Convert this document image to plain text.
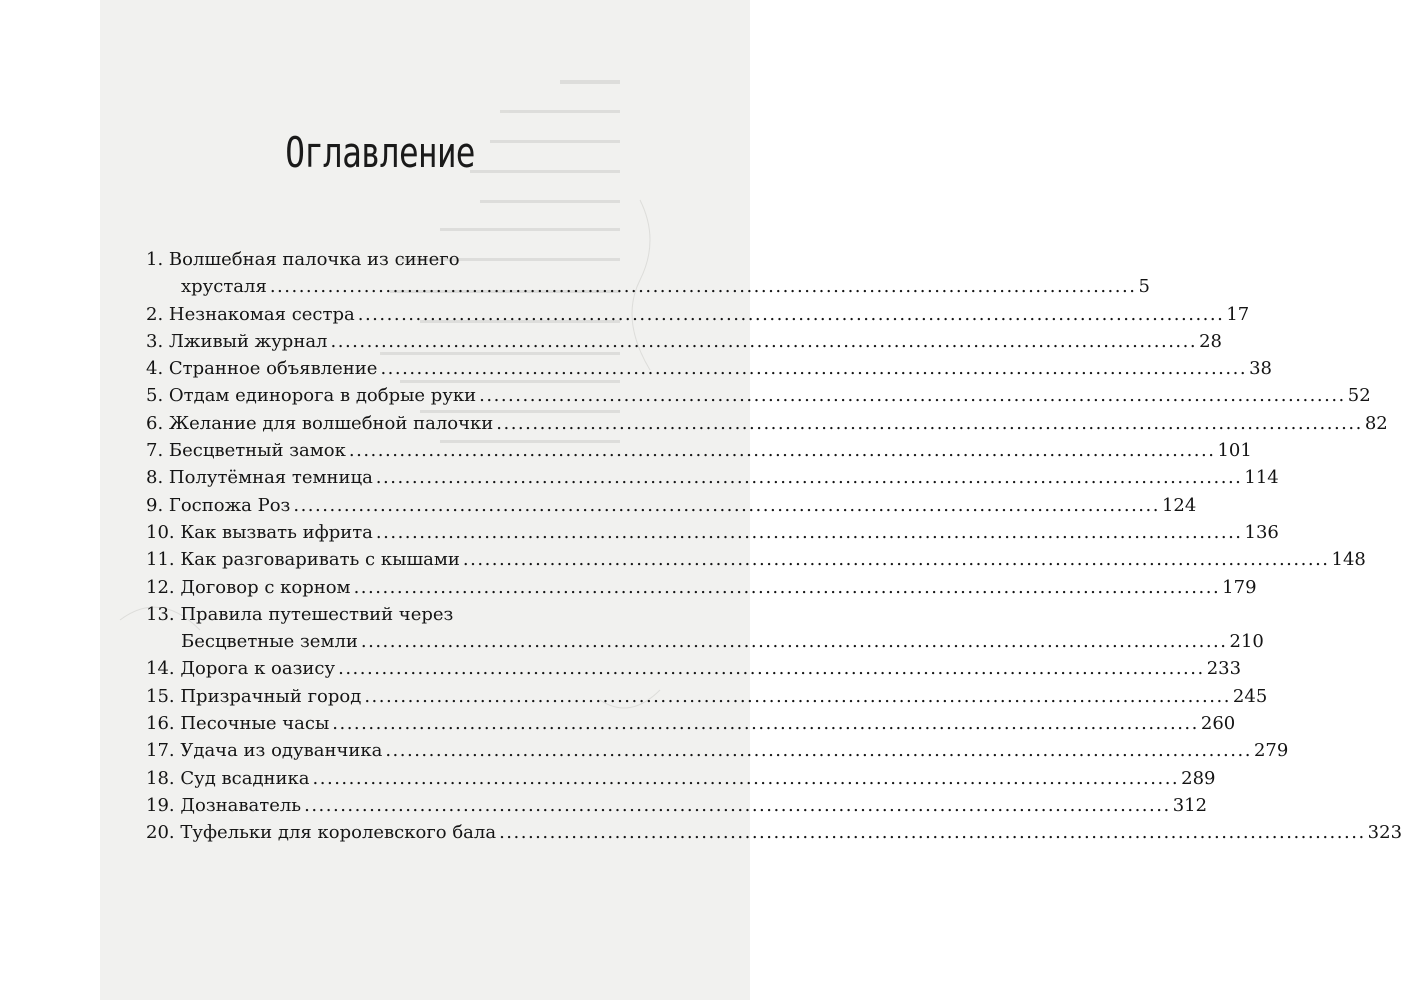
Оглавление
1. Волшебная палочка из синего
хрусталя ........................................................................................................................ 5
2. Незнакомая сестра ........................................................................................................................ 17
3. Лживый журнал ........................................................................................................................ 28
4. Странное объявление ........................................................................................................................ 38
5. Отдам единорога в добрые руки ........................................................................................................................ 52
6. Желание для волшебной палочки ........................................................................................................................ 82
7. Бесцветный замок ........................................................................................................................ 101
8. Полутёмная темница ........................................................................................................................ 114
9. Госпожа Роз ........................................................................................................................ 124
10. Как вызвать ифрита ........................................................................................................................ 136
11. Как разговаривать с кышами ........................................................................................................................ 148
12. Договор с корном ........................................................................................................................ 179
13. Правила путешествий через
Бесцветные земли ........................................................................................................................ 210
14. Дорога к оазису ........................................................................................................................ 233
15. Призрачный город ........................................................................................................................ 245
16. Песочные часы ........................................................................................................................ 260
17. Удача из одуванчика ........................................................................................................................ 279
18. Суд всадника ........................................................................................................................ 289
19. Дознаватель ........................................................................................................................ 312
20. Туфельки для королевского бала ........................................................................................................................ 323
